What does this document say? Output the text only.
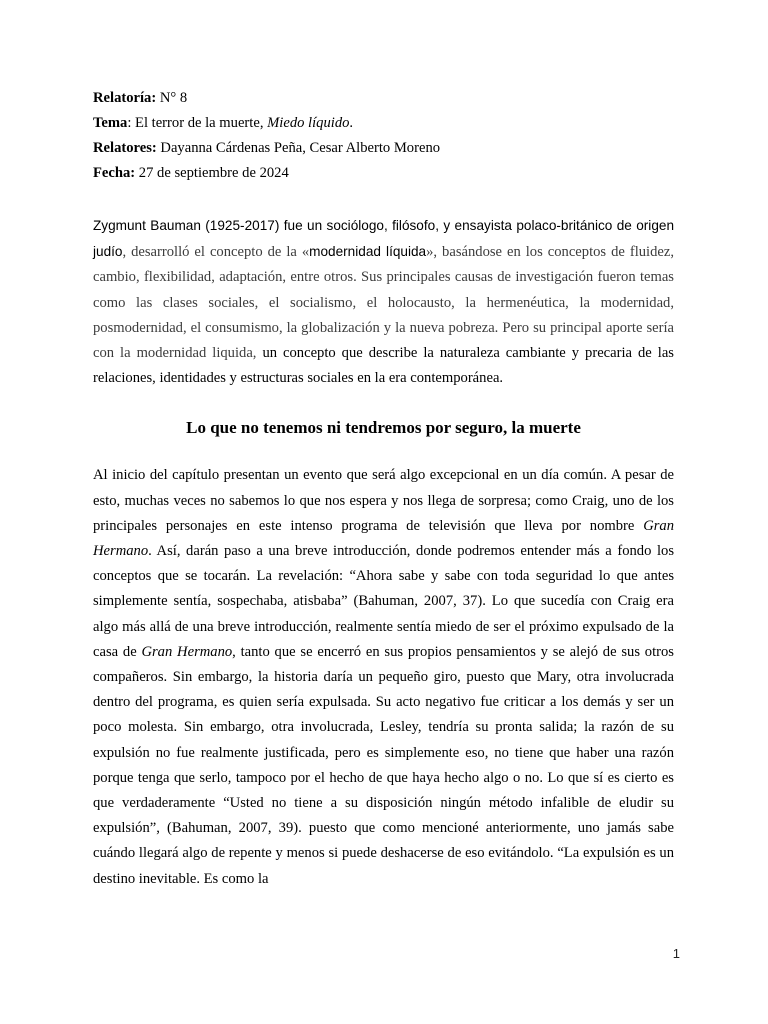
Relatoría: N° 8
Tema: El terror de la muerte, Miedo líquido.
Relatores: Dayanna Cárdenas Peña, Cesar Alberto Moreno
Fecha: 27 de septiembre de 2024

Zygmunt Bauman (1925-2017) fue un sociólogo, filósofo, y ensayista polaco-británico de origen judío, desarrolló el concepto de la «modernidad líquida», basándose en los conceptos de fluidez, cambio, flexibilidad, adaptación, entre otros. Sus principales causas de investigación fueron temas como las clases sociales, el socialismo, el holocausto, la hermenéutica, la modernidad, posmodernidad, el consumismo, la globalización y la nueva pobreza. Pero su principal aporte sería con la modernidad liquida, un concepto que describe la naturaleza cambiante y precaria de las relaciones, identidades y estructuras sociales en la era contemporánea.

Lo que no tenemos ni tendremos por seguro, la muerte

Al inicio del capítulo presentan un evento que será algo excepcional en un día común. A pesar de esto, muchas veces no sabemos lo que nos espera y nos llega de sorpresa; como Craig, uno de los principales personajes en este intenso programa de televisión que lleva por nombre Gran Hermano. Así, darán paso a una breve introducción, donde podremos entender más a fondo los conceptos que se tocarán. La revelación: “Ahora sabe y sabe con toda seguridad lo que antes simplemente sentía, sospechaba, atisbaba” (Bahuman, 2007, 37). Lo que sucedía con Craig era algo más allá de una breve introducción, realmente sentía miedo de ser el próximo expulsado de la casa de Gran Hermano, tanto que se encerró en sus propios pensamientos y se alejó de sus otros compañeros. Sin embargo, la historia daría un pequeño giro, puesto que Mary, otra involucrada dentro del programa, es quien sería expulsada. Su acto negativo fue criticar a los demás y ser un poco molesta. Sin embargo, otra involucrada, Lesley, tendría su pronta salida; la razón de su expulsión no fue realmente justificada, pero es simplemente eso, no tiene que haber una razón porque tenga que serlo, tampoco por el hecho de que haya hecho algo o no. Lo que sí es cierto es que verdaderamente “Usted no tiene a su disposición ningún método infalible de eludir su expulsión”, (Bahuman, 2007, 39). puesto que como mencioné anteriormente, uno jamás sabe cuándo llegará algo de repente y menos si puede deshacerse de eso evitándolo. “La expulsión es un destino inevitable. Es como la

1
